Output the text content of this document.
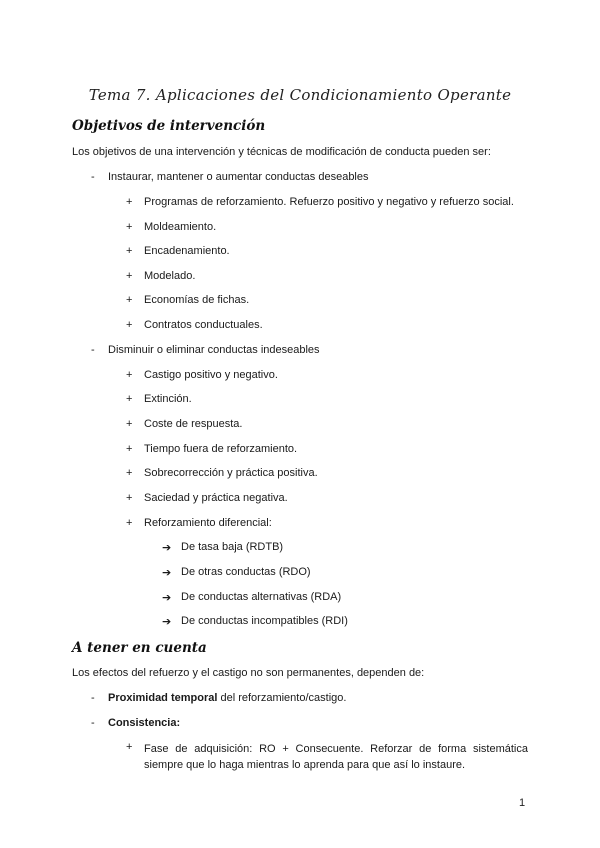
Tema 7. Aplicaciones del Condicionamiento Operante
Objetivos de intervención
Los objetivos de una intervención y técnicas de modificación de conducta pueden ser:
- Instaurar, mantener o aumentar conductas deseables
+ Programas de reforzamiento. Refuerzo positivo y negativo y refuerzo social.
+ Moldeamiento.
+ Encadenamiento.
+ Modelado.
+ Economías de fichas.
+ Contratos conductuales.
- Disminuir o eliminar conductas indeseables
+ Castigo positivo y negativo.
+ Extinción.
+ Coste de respuesta.
+ Tiempo fuera de reforzamiento.
+ Sobrecorrección y práctica positiva.
+ Saciedad y práctica negativa.
+ Reforzamiento diferencial:
➔ De tasa baja (RDTB)
➔ De otras conductas (RDO)
➔ De conductas alternativas (RDA)
➔ De conductas incompatibles (RDI)
A tener en cuenta
Los efectos del refuerzo y el castigo no son permanentes, dependen de:
- Proximidad temporal del reforzamiento/castigo.
- Consistencia:
+ Fase de adquisición: RO + Consecuente. Reforzar de forma sistemática siempre que lo haga mientras lo aprenda para que así lo instaure.
1
